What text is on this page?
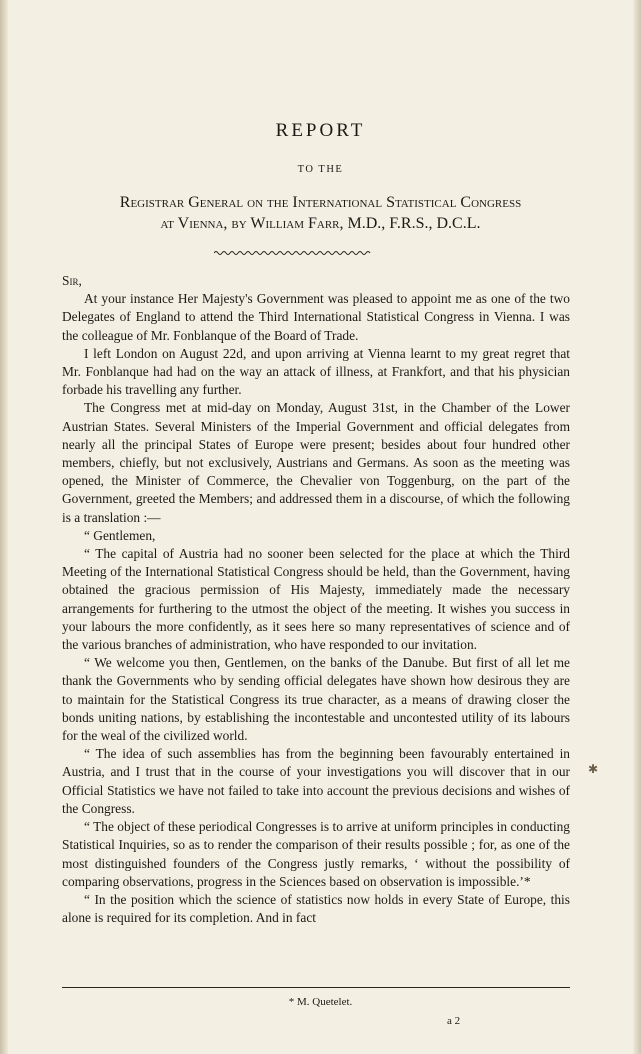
REPORT
TO THE
Registrar General on the International Statistical Congress
at Vienna, by William Farr, M.D., F.R.S., D.C.L.

Sir,

At your instance Her Majesty's Government was pleased to appoint me as one of the two Delegates of England to attend the Third International Statistical Congress in Vienna. I was the colleague of Mr. Fonblanque of the Board of Trade.

I left London on August 22d, and upon arriving at Vienna learnt to my great regret that Mr. Fonblanque had had on the way an attack of illness, at Frankfort, and that his physician forbade his travelling any further.

The Congress met at mid-day on Monday, August 31st, in the Chamber of the Lower Austrian States. Several Ministers of the Imperial Government and official delegates from nearly all the principal States of Europe were present; besides about four hundred other members, chiefly, but not exclusively, Austrians and Germans. As soon as the meeting was opened, the Minister of Commerce, the Chevalier von Toggenburg, on the part of the Government, greeted the Members; and addressed them in a discourse, of which the following is a translation :—

“ Gentlemen,

“ The capital of Austria had no sooner been selected for the place at which the Third Meeting of the International Statistical Congress should be held, than the Government, having obtained the gracious permission of His Majesty, immediately made the necessary arrangements for furthering to the utmost the object of the meeting. It wishes you success in your labours the more confidently, as it sees here so many representatives of science and of the various branches of administration, who have responded to our invitation.

“ We welcome you then, Gentlemen, on the banks of the Danube. But first of all let me thank the Governments who by sending official delegates have shown how desirous they are to maintain for the Statistical Congress its true character, as a means of drawing closer the bonds uniting nations, by establishing the incontestable and uncontested utility of its labours for the weal of the civilized world.

“ The idea of such assemblies has from the beginning been favourably entertained in Austria, and I trust that in the course of your investigations you will discover that in our Official Statistics we have not failed to take into account the previous decisions and wishes of the Congress.

“ The object of these periodical Congresses is to arrive at uniform principles in conducting Statistical Inquiries, so as to render the comparison of their results possible ; for, as one of the most distinguished founders of the Congress justly remarks, ‘ without the possibility of comparing observations, progress in the Sciences based on observation is impossible.’*

“ In the position which the science of statistics now holds in every State of Europe, this alone is required for its completion. And in fact

✱
* M. Quetelet.
a 2
